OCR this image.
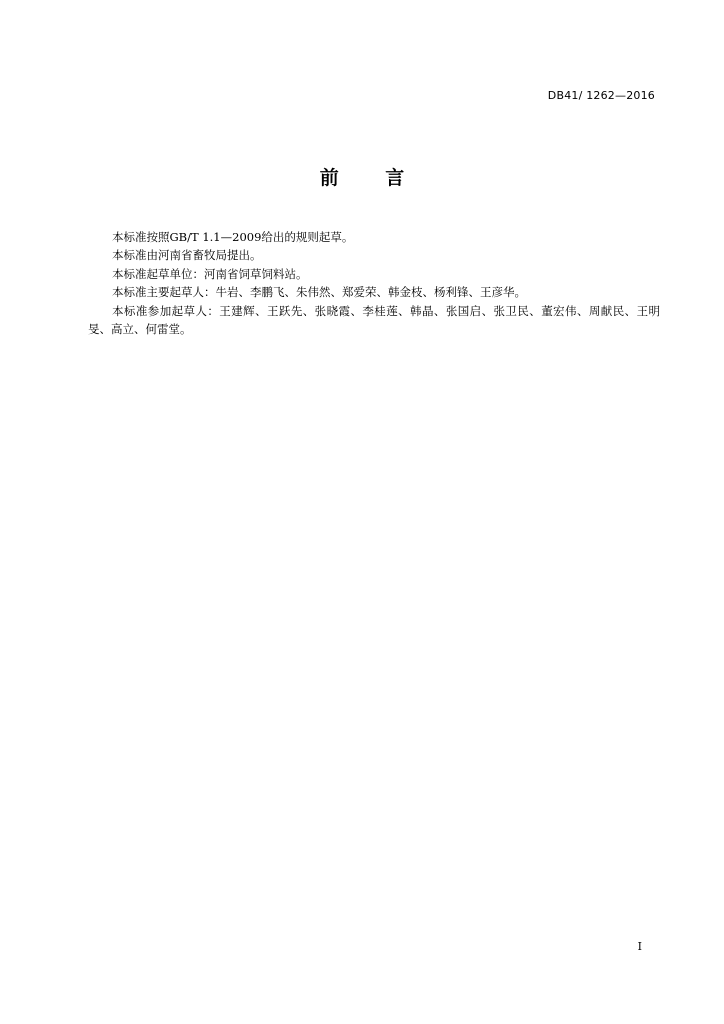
DB41/ 1262—2016
前 言

本标准按照GB/T 1.1—2009给出的规则起草。

本标准由河南省畜牧局提出。

本标准起草单位：河南省饲草饲料站。

本标准主要起草人：牛岩、李鹏飞、朱伟然、郑爱荣、韩金枝、杨利锋、王彦华。

本标准参加起草人：王建辉、王跃先、张晓霞、李桂莲、韩晶、张国启、张卫民、董宏伟、周献民、王明旻、高立、何雷堂。

I
